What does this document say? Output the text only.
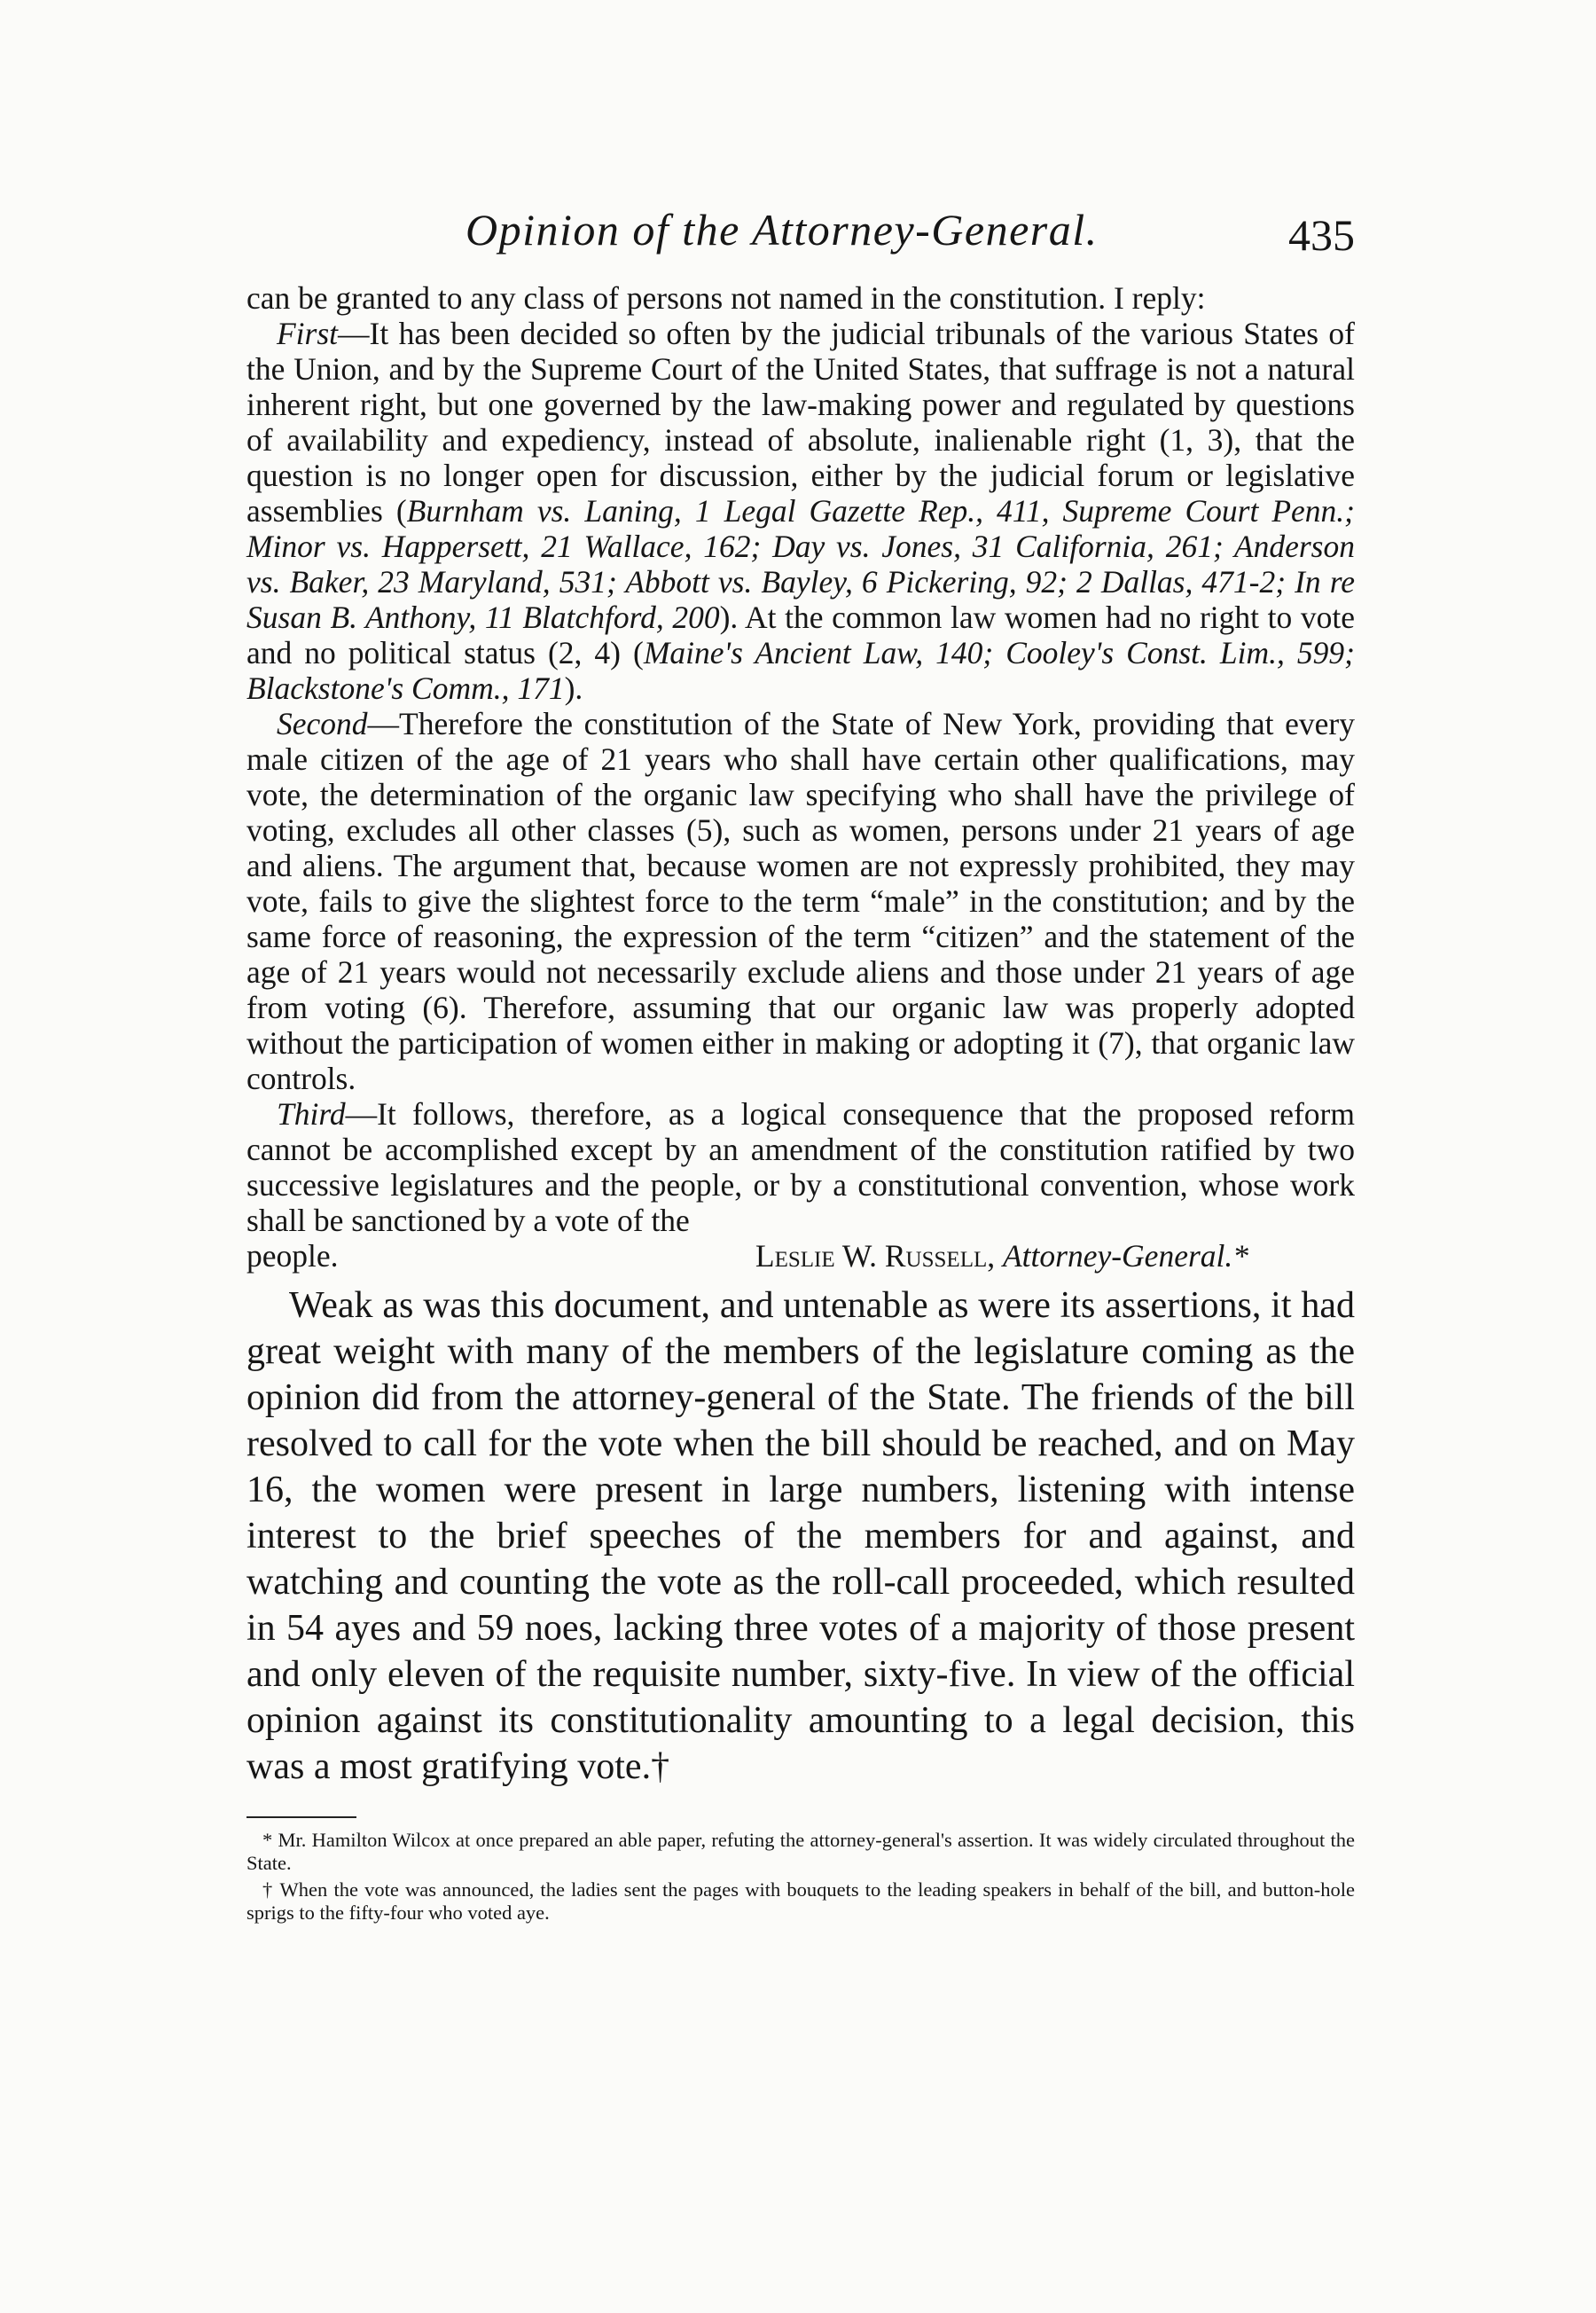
Opinion of the Attorney-General.	435

can be granted to any class of persons not named in the constitution. I reply:

First—It has been decided so often by the judicial tribunals of the various States of the Union, and by the Supreme Court of the United States, that suffrage is not a natural inherent right, but one governed by the law-making power and regulated by questions of availability and expediency, instead of absolute, inalienable right (1, 3), that the question is no longer open for discussion, either by the judicial forum or legislative assemblies (Burnham vs. Laning, 1 Legal Gazette Rep., 411, Supreme Court Penn.; Minor vs. Happersett, 21 Wallace, 162; Day vs. Jones, 31 California, 261; Anderson vs. Baker, 23 Maryland, 531; Abbott vs. Bayley, 6 Pickering, 92; 2 Dallas, 471-2; In re Susan B. Anthony, 11 Blatchford, 200). At the common law women had no right to vote and no political status (2, 4) (Maine's Ancient Law, 140; Cooley's Const. Lim., 599; Blackstone's Comm., 171).

Second—Therefore the constitution of the State of New York, providing that every male citizen of the age of 21 years who shall have certain other qualifications, may vote, the determination of the organic law specifying who shall have the privilege of voting, excludes all other classes (5), such as women, persons under 21 years of age and aliens. The argument that, because women are not expressly prohibited, they may vote, fails to give the slightest force to the term “male” in the constitution; and by the same force of reasoning, the expression of the term “citizen” and the statement of the age of 21 years would not necessarily exclude aliens and those under 21 years of age from voting (6). Therefore, assuming that our organic law was properly adopted without the participation of women either in making or adopting it (7), that organic law controls.

Third—It follows, therefore, as a logical consequence that the proposed reform cannot be accomplished except by an amendment of the constitution ratified by two successive legislatures and the people, or by a constitutional convention, whose work shall be sanctioned by a vote of the

people.	Leslie W. Russell, Attorney-General.*

Weak as was this document, and untenable as were its assertions, it had great weight with many of the members of the legislature coming as the opinion did from the attorney-general of the State. The friends of the bill resolved to call for the vote when the bill should be reached, and on May 16, the women were present in large numbers, listening with intense interest to the brief speeches of the members for and against, and watching and counting the vote as the roll-call proceeded, which resulted in 54 ayes and 59 noes, lacking three votes of a majority of those present and only eleven of the requisite number, sixty-five. In view of the official opinion against its constitutionality amounting to a legal decision, this was a most gratifying vote.†

* Mr. Hamilton Wilcox at once prepared an able paper, refuting the attorney-general's assertion. It was widely circulated throughout the State.

† When the vote was announced, the ladies sent the pages with bouquets to the leading speakers in behalf of the bill, and button-hole sprigs to the fifty-four who voted aye.
